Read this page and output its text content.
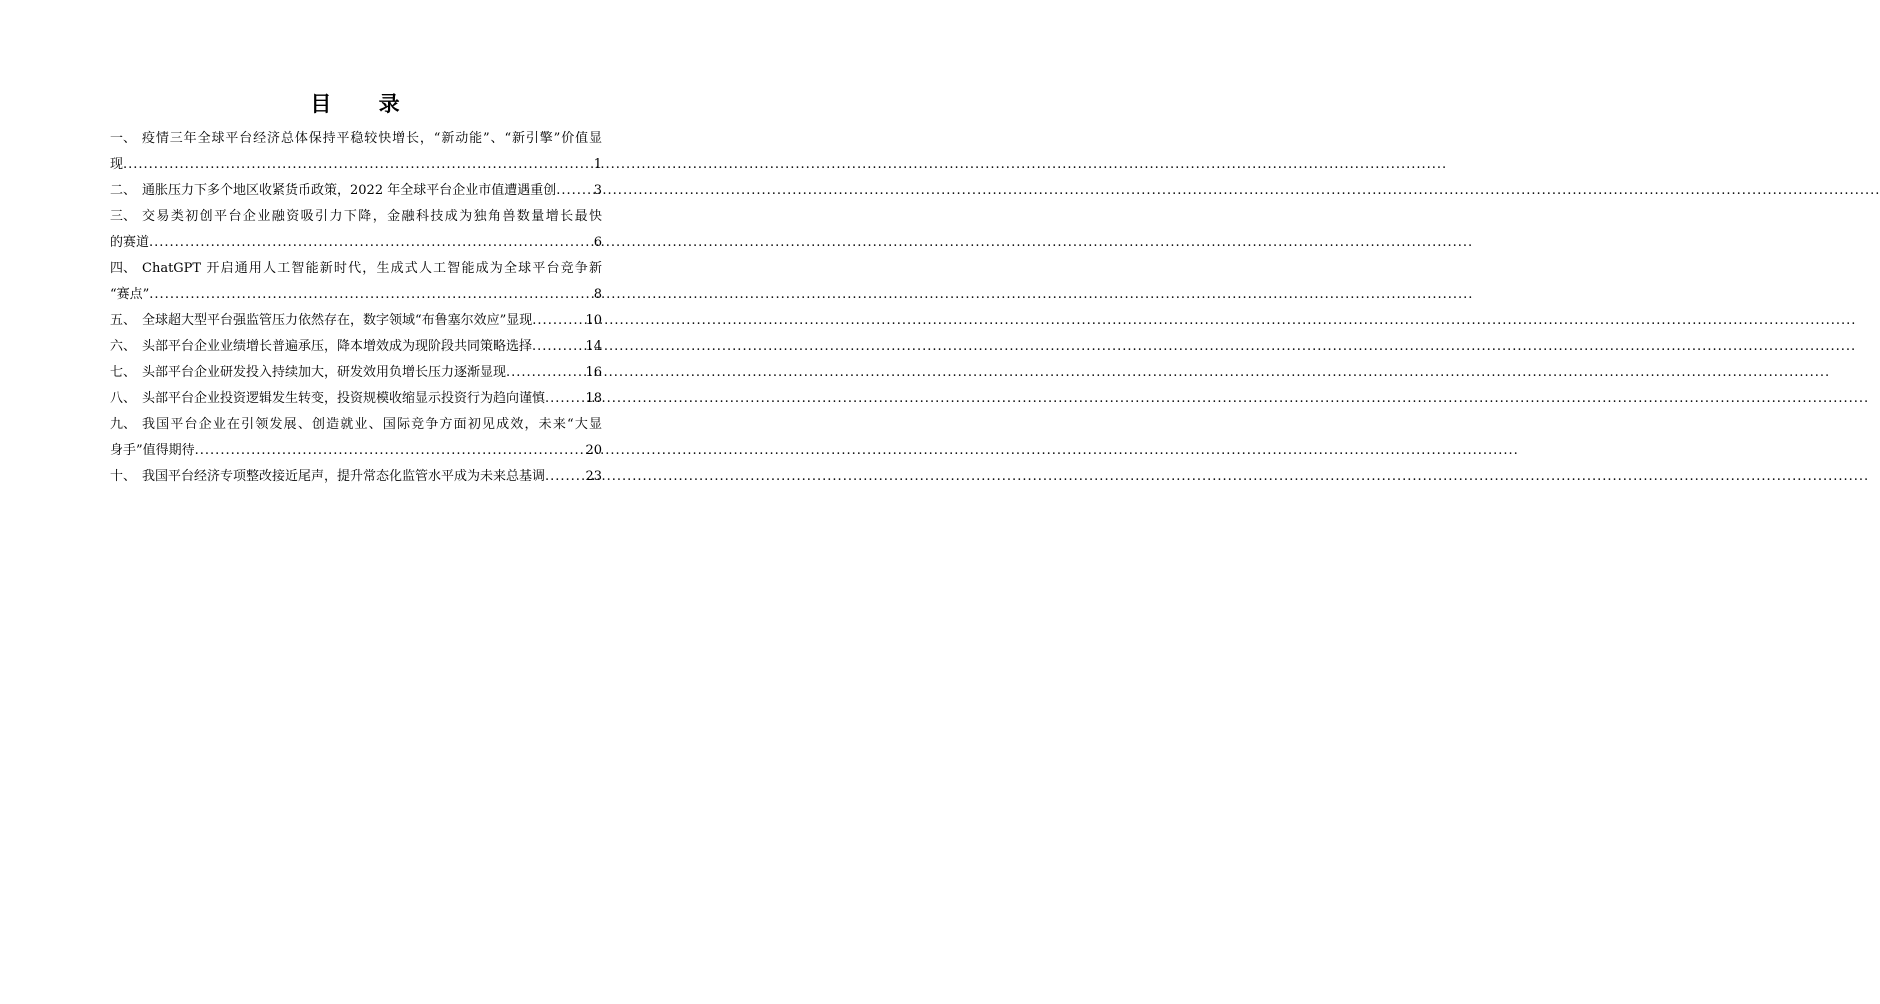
目 录
一、 疫情三年全球平台经济总体保持平稳较快增长，“新动能”、“新引擎”价值显
现 .....	1
二、 通胀压力下多个地区收紧货币政策，2022 年全球平台企业市值遭遇重创 .....	3
三、 交易类初创平台企业融资吸引力下降，金融科技成为独角兽数量增长最快
的赛道 .....	6
四、 ChatGPT 开启通用人工智能新时代，生成式人工智能成为全球平台竞争新
“赛点” .....	8
五、 全球超大型平台强监管压力依然存在，数字领域“布鲁塞尔效应”显现 .....	10
六、 头部平台企业业绩增长普遍承压，降本增效成为现阶段共同策略选择 .....	14
七、 头部平台企业研发投入持续加大，研发效用负增长压力逐渐显现 .....	16
八、 头部平台企业投资逻辑发生转变，投资规模收缩显示投资行为趋向谨慎 .....	18
九、 我国平台企业在引领发展、创造就业、国际竞争方面初见成效，未来“大显
身手”值得期待 .....	20
十、 我国平台经济专项整改接近尾声，提升常态化监管水平成为未来总基调 .....	23
